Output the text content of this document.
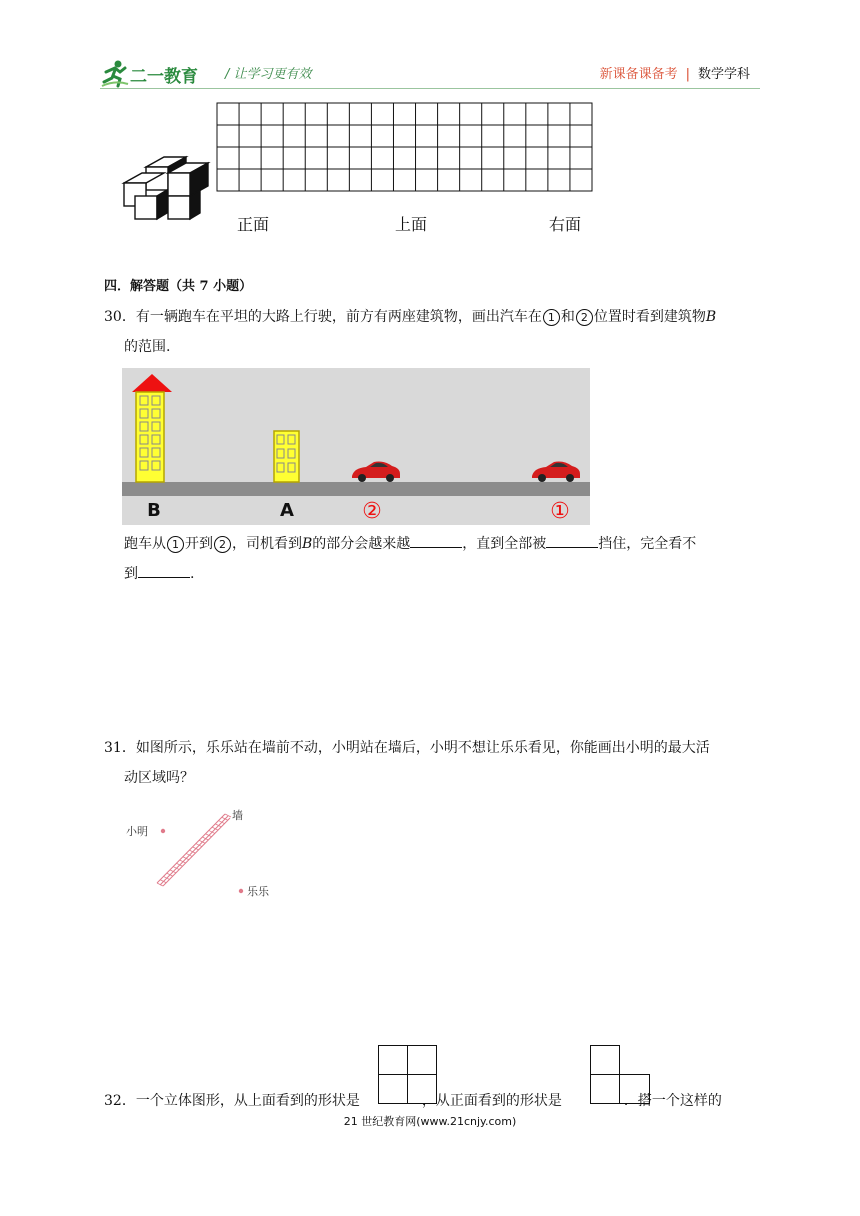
二一教育 / 让学习更有效	新课备课备考 | 数学学科
正面	上面	右面
四．解答题（共 7 小题）
30．有一辆跑车在平坦的大路上行驶，前方有两座建筑物，画出汽车在 1 和 2 位置时看到建筑物B
的范围.
B	A	②	①
跑车从 1 开到 2 ，司机看到B的部分会越来越	，直到全部被	挡住，完全看不
到	.
31．如图所示，乐乐站在墙前不动，小明站在墙后，小明不想让乐乐看见，你能画出小明的最大活
动区域吗？
小明
墙
乐乐
32．一个立体图形，从上面看到的形状是	，从正面看到的形状是	．搭一个这样的
21 世纪教育网(www.21cnjy.com)
